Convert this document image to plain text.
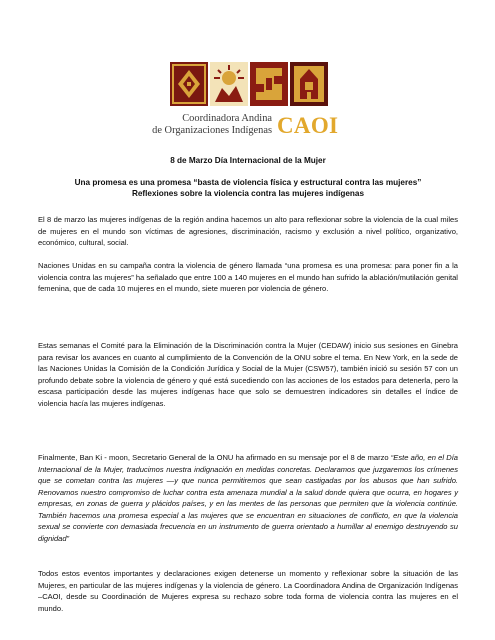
Coordinadora Andina
de Organizaciones Indígenas CAOI
8 de Marzo Día Internacional de la Mujer
Una promesa es una promesa “basta de violencia física y estructural contra las mujeres”
Reflexiones sobre la violencia contra las mujeres indígenas
El 8 de marzo las mujeres indígenas de la región andina hacemos un alto para reflexionar sobre la violencia de la cual miles de mujeres en el mundo son víctimas de agresiones, discriminación, racismo y exclusión a nivel político, organizativo, económico, cultural, social.
Naciones Unidas en su campaña contra la violencia de género llamada “una promesa es una promesa: para poner fin a la violencia contra las mujeres” ha señalado que entre 100 a 140 mujeres en el mundo han sufrido la ablación/mutilación genital femenina, que de cada 10 mujeres en el mundo, siete mueren por violencia de género.
Estas semanas el Comité para la Eliminación de la Discriminación contra la Mujer (CEDAW) inicio sus sesiones en Ginebra para revisar los avances en cuanto al cumplimiento de la Convención de la ONU sobre el tema. En New York, en la sede de las Naciones Unidas la Comisión de la Condición Jurídica y Social de la Mujer (CSW57), también inició su sesión 57 con un profundo debate sobre la violencia de género y qué está sucediendo con las acciones de los estados para detenerla, pero la escasa participación desde las mujeres indígenas hace que solo se demuestren indicadores sin detalles el índice de violencia hacía las mujeres indígenas.
Finalmente, Ban Ki - moon, Secretario General de la ONU ha afirmado en su mensaje por el 8 de marzo “Este año, en el Día Internacional de la Mujer, traducimos nuestra indignación en medidas concretas. Declaramos que juzgaremos los crímenes que se cometan contra las mujeres —y que nunca permitiremos que sean castigadas por los abusos que han sufrido. Renovamos nuestro compromiso de luchar contra esta amenaza mundial a la salud donde quiera que ocurra, en hogares y empresas, en zonas de guerra y plácidos países, y en las mentes de las personas que permiten que la violencia continúe. También hacemos una promesa especial a las mujeres que se encuentran en situaciones de conflicto, en que la violencia sexual se convierte con demasiada frecuencia en un instrumento de guerra orientado a humillar al enemigo destruyendo su dignidad”
Todos estos eventos importantes y declaraciones exigen detenerse un momento y reflexionar sobre la situación de las Mujeres, en particular de las mujeres indígenas y la violencia de género. La Coordinadora Andina de Organización Indígenas –CAOI, desde su Coordinación de Mujeres expresa su rechazo sobre toda forma de violencia contra las mujeres en el mundo.
